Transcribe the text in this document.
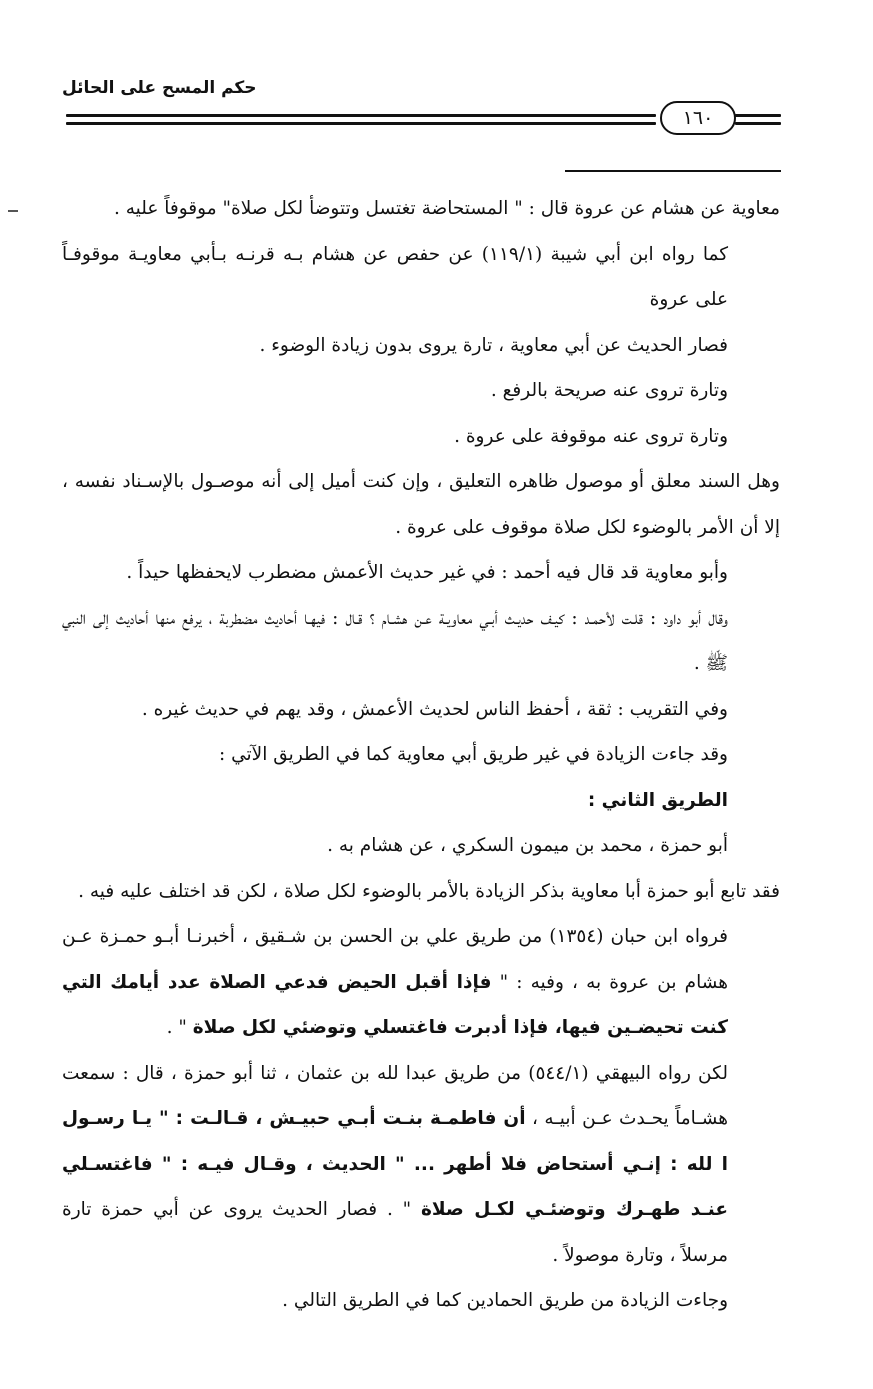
حكم المسح على الحائل
١٦٠

معاوية عن هشام عن عروة قال : " المستحاضة تغتسل وتتوضأ لكل صلاة" موقوفاً عليه .

كما رواه ابن أبي شيبة (١١٩/١) عن حفص عن هشام بـه قرنـه بـأبي معاويـة موقوفـاً على عروة

فصار الحديث عن أبي معاوية ، تارة يروى بدون زيادة الوضوء .

وتارة تروى عنه صريحة بالرفع .

وتارة تروى عنه موقوفة على عروة .

وهل السند معلق أو موصول ظاهره التعليق ، وإن كنت أميل إلى أنه موصـول بالإسـناد نفسه ، إلا أن الأمر بالوضوء لكل صلاة موقوف على عروة .

وأبو معاوية قد قال فيه أحمد : في غير حديث الأعمش مضطرب لايحفظها حيداً .

وقال أبو داود : قلـت لأحمـد : كيـف حديـث أبـي معاويـة عـن هشـام ؟ قـال : فيهـا أحاديث مضطربة ، يرفع منها أحاديث إلى النبي ﷺ .

وفي التقريب : ثقة ، أحفظ الناس لحديث الأعمش ، وقد يهم في حديث غيره .

وقد جاءت الزيادة في غير طريق أبي معاوية كما في الطريق الآتي :

الطريق الثاني :

أبو حمزة ، محمد بن ميمون السكري ، عن هشام به .

فقد تابع أبو حمزة أبا معاوية بذكر الزيادة بالأمر بالوضوء لكل صلاة ، لكن قد اختلف عليه فيه .

فرواه ابن حبان (١٣٥٤) من طريق علي بن الحسن بن شـقيق ، أخبرنـا أبـو حمـزة عـن هشام بن عروة به ، وفيه : " فإذا أقبل الحيض فدعي الصلاة عدد أيامك التي كنت تحيضـين فيها، فإذا أدبرت فاغتسلي وتوضئي لكل صلاة " .

لكن رواه البيهقي (٥٤٤/١) من طريق عبدا لله بن عثمان ، ثنا أبو حمزة ، قال : سمعت هشـاماً يحـدث عـن أبيـه ، أن فاطمـة بنـت أبـي حبيـش ، قـالـت : " يـا رسـول ا لله : إنـي أستحاض فلا أطهر ... " الحديث ، وقـال فيـه : " فاغتسـلي عنـد طهـرك وتوضئـي لكـل صلاة " . فصار الحديث يروى عن أبي حمزة تارة مرسلاً ، وتارة موصولاً .

وجاءت الزيادة من طريق الحمادين كما في الطريق التالي .
